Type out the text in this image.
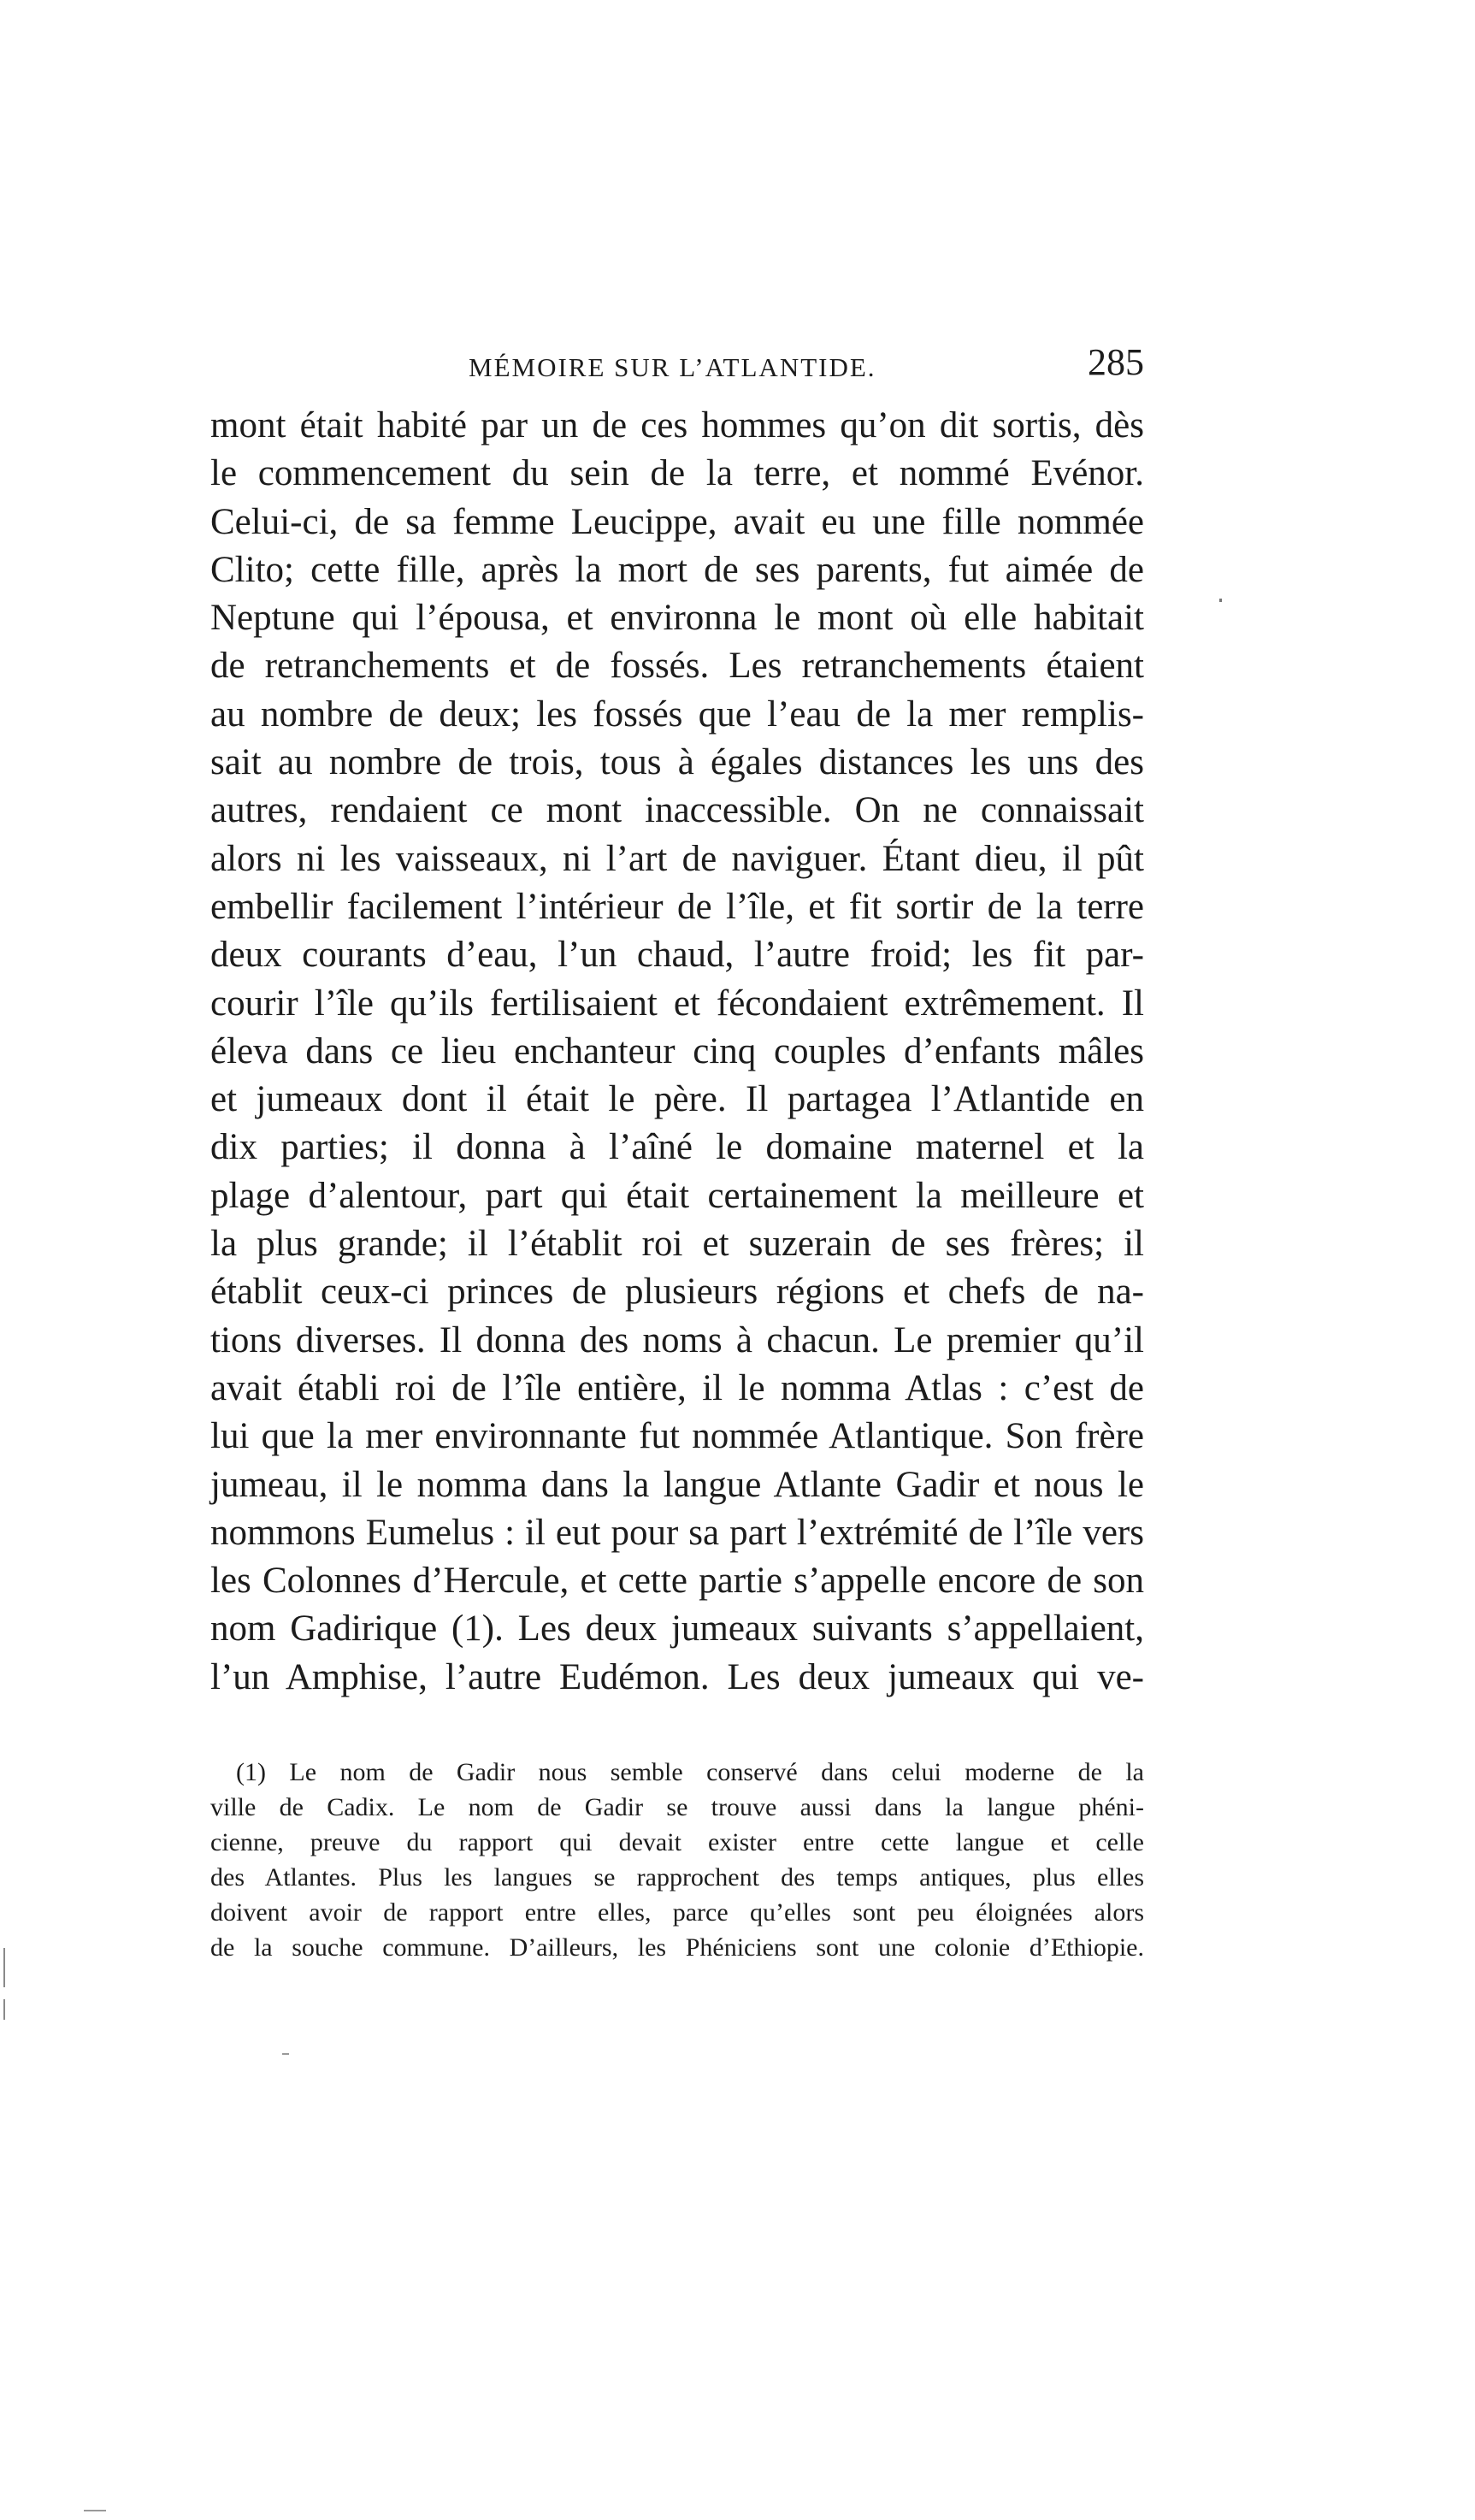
MÉMOIRE SUR L’ATLANTIDE.	285
mont était habité par un de ces hommes qu’on dit sortis, dès
le commencement du sein de la terre, et nommé Evénor.
Celui-ci, de sa femme Leucippe, avait eu une fille nommée
Clito; cette fille, après la mort de ses parents, fut aimée de
Neptune qui l’épousa, et environna le mont où elle habitait
de retranchements et de fossés. Les retranchements étaient
au nombre de deux; les fossés que l’eau de la mer remplis-
sait au nombre de trois, tous à égales distances les uns des
autres, rendaient ce mont inaccessible. On ne connaissait
alors ni les vaisseaux, ni l’art de naviguer. Étant dieu, il pût
embellir facilement l’intérieur de l’île, et fit sortir de la terre
deux courants d’eau, l’un chaud, l’autre froid; les fit par-
courir l’île qu’ils fertilisaient et fécondaient extrêmement. Il
éleva dans ce lieu enchanteur cinq couples d’enfants mâles
et jumeaux dont il était le père. Il partagea l’Atlantide en
dix parties; il donna à l’aîné le domaine maternel et la
plage d’alentour, part qui était certainement la meilleure et
la plus grande; il l’établit roi et suzerain de ses frères; il
établit ceux-ci princes de plusieurs régions et chefs de na-
tions diverses. Il donna des noms à chacun. Le premier qu’il
avait établi roi de l’île entière, il le nomma Atlas : c’est de
lui que la mer environnante fut nommée Atlantique. Son frère
jumeau, il le nomma dans la langue Atlante Gadir et nous le
nommons Eumelus : il eut pour sa part l’extrémité de l’île vers
les Colonnes d’Hercule, et cette partie s’appelle encore de son
nom Gadirique (1). Les deux jumeaux suivants s’appellaient,
l’un Amphise, l’autre Eudémon. Les deux jumeaux qui ve-
(1) Le nom de Gadir nous semble conservé dans celui moderne de la
ville de Cadix. Le nom de Gadir se trouve aussi dans la langue phéni-
cienne, preuve du rapport qui devait exister entre cette langue et celle
des Atlantes. Plus les langues se rapprochent des temps antiques, plus elles
doivent avoir de rapport entre elles, parce qu’elles sont peu éloignées alors
de la souche commune. D’ailleurs, les Phéniciens sont une colonie d’Ethiopie.
